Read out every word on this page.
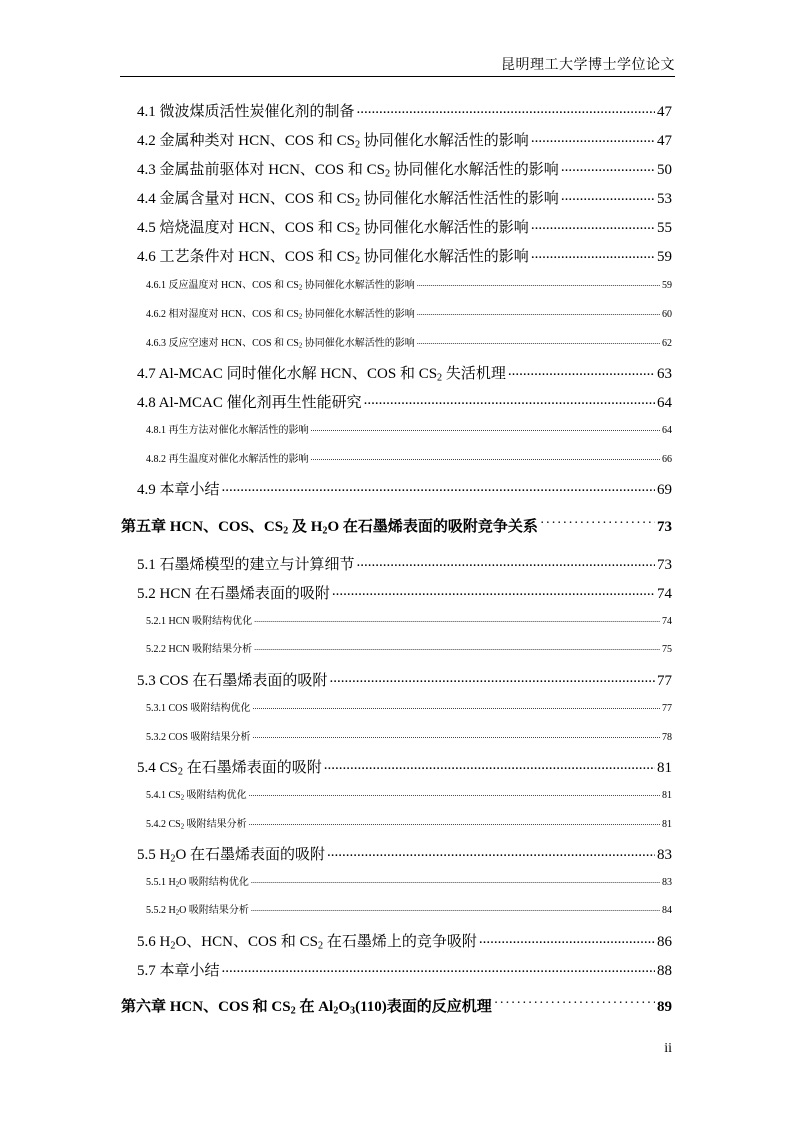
昆明理工大学博士学位论文
4.1 微波煤质活性炭催化剂的制备 .....	47
4.2 金属种类对 HCN、COS 和 $CS_2$ 协同催化水解活性的影响 .....	47
4.3 金属盐前驱体对 HCN、COS 和 $CS_2$ 协同催化水解活性的影响 .....	50
4.4 金属含量对 HCN、COS 和 $CS_2$ 协同催化水解活性活性的影响 .....	53
4.5 焙烧温度对 HCN、COS 和 $CS_2$ 协同催化水解活性的影响 .....	55
4.6 工艺条件对 HCN、COS 和 $CS_2$ 协同催化水解活性的影响 .....	59
4.6.1 反应温度对 HCN、COS 和 $CS_2$ 协同催化水解活性的影响 .....	59
4.6.2 相对湿度对 HCN、COS 和 $CS_2$ 协同催化水解活性的影响 .....	60
4.6.3 反应空速对 HCN、COS 和 $CS_2$ 协同催化水解活性的影响 .....	62
4.7 Al-MCAC 同时催化水解 HCN、COS 和 $CS_2$ 失活机理 .....	63
4.8 Al-MCAC 催化剂再生性能研究 .....	64
4.8.1 再生方法对催化水解活性的影响 .....	64
4.8.2 再生温度对催化水解活性的影响 .....	66
4.9 本章小结 .....	69
第五章 HCN、COS、$CS_2$ 及 $H_2O$ 在石墨烯表面的吸附竞争关系 ·····	73
5.1 石墨烯模型的建立与计算细节 .....	73
5.2 HCN 在石墨烯表面的吸附 .....	74
5.2.1 HCN 吸附结构优化 .....	74
5.2.2 HCN 吸附结果分析 .....	75
5.3 COS 在石墨烯表面的吸附 .....	77
5.3.1 COS 吸附结构优化 .....	77
5.3.2 COS 吸附结果分析 .....	78
5.4 $CS_2$ 在石墨烯表面的吸附 .....	81
5.4.1 $CS_2$ 吸附结构优化 .....	81
5.4.2 $CS_2$ 吸附结果分析 .....	81
5.5 $H_2O$ 在石墨烯表面的吸附 .....	83
5.5.1 $H_2O$ 吸附结构优化 .....	83
5.5.2 $H_2O$ 吸附结果分析 .....	84
5.6 $H_2O$、HCN、COS 和 $CS_2$ 在石墨烯上的竞争吸附 .....	86
5.7 本章小结 .....	88
第六章 HCN、COS 和 $CS_2$ 在 $Al_2O_3(110)$表面的反应机理 ·····	89
ii
